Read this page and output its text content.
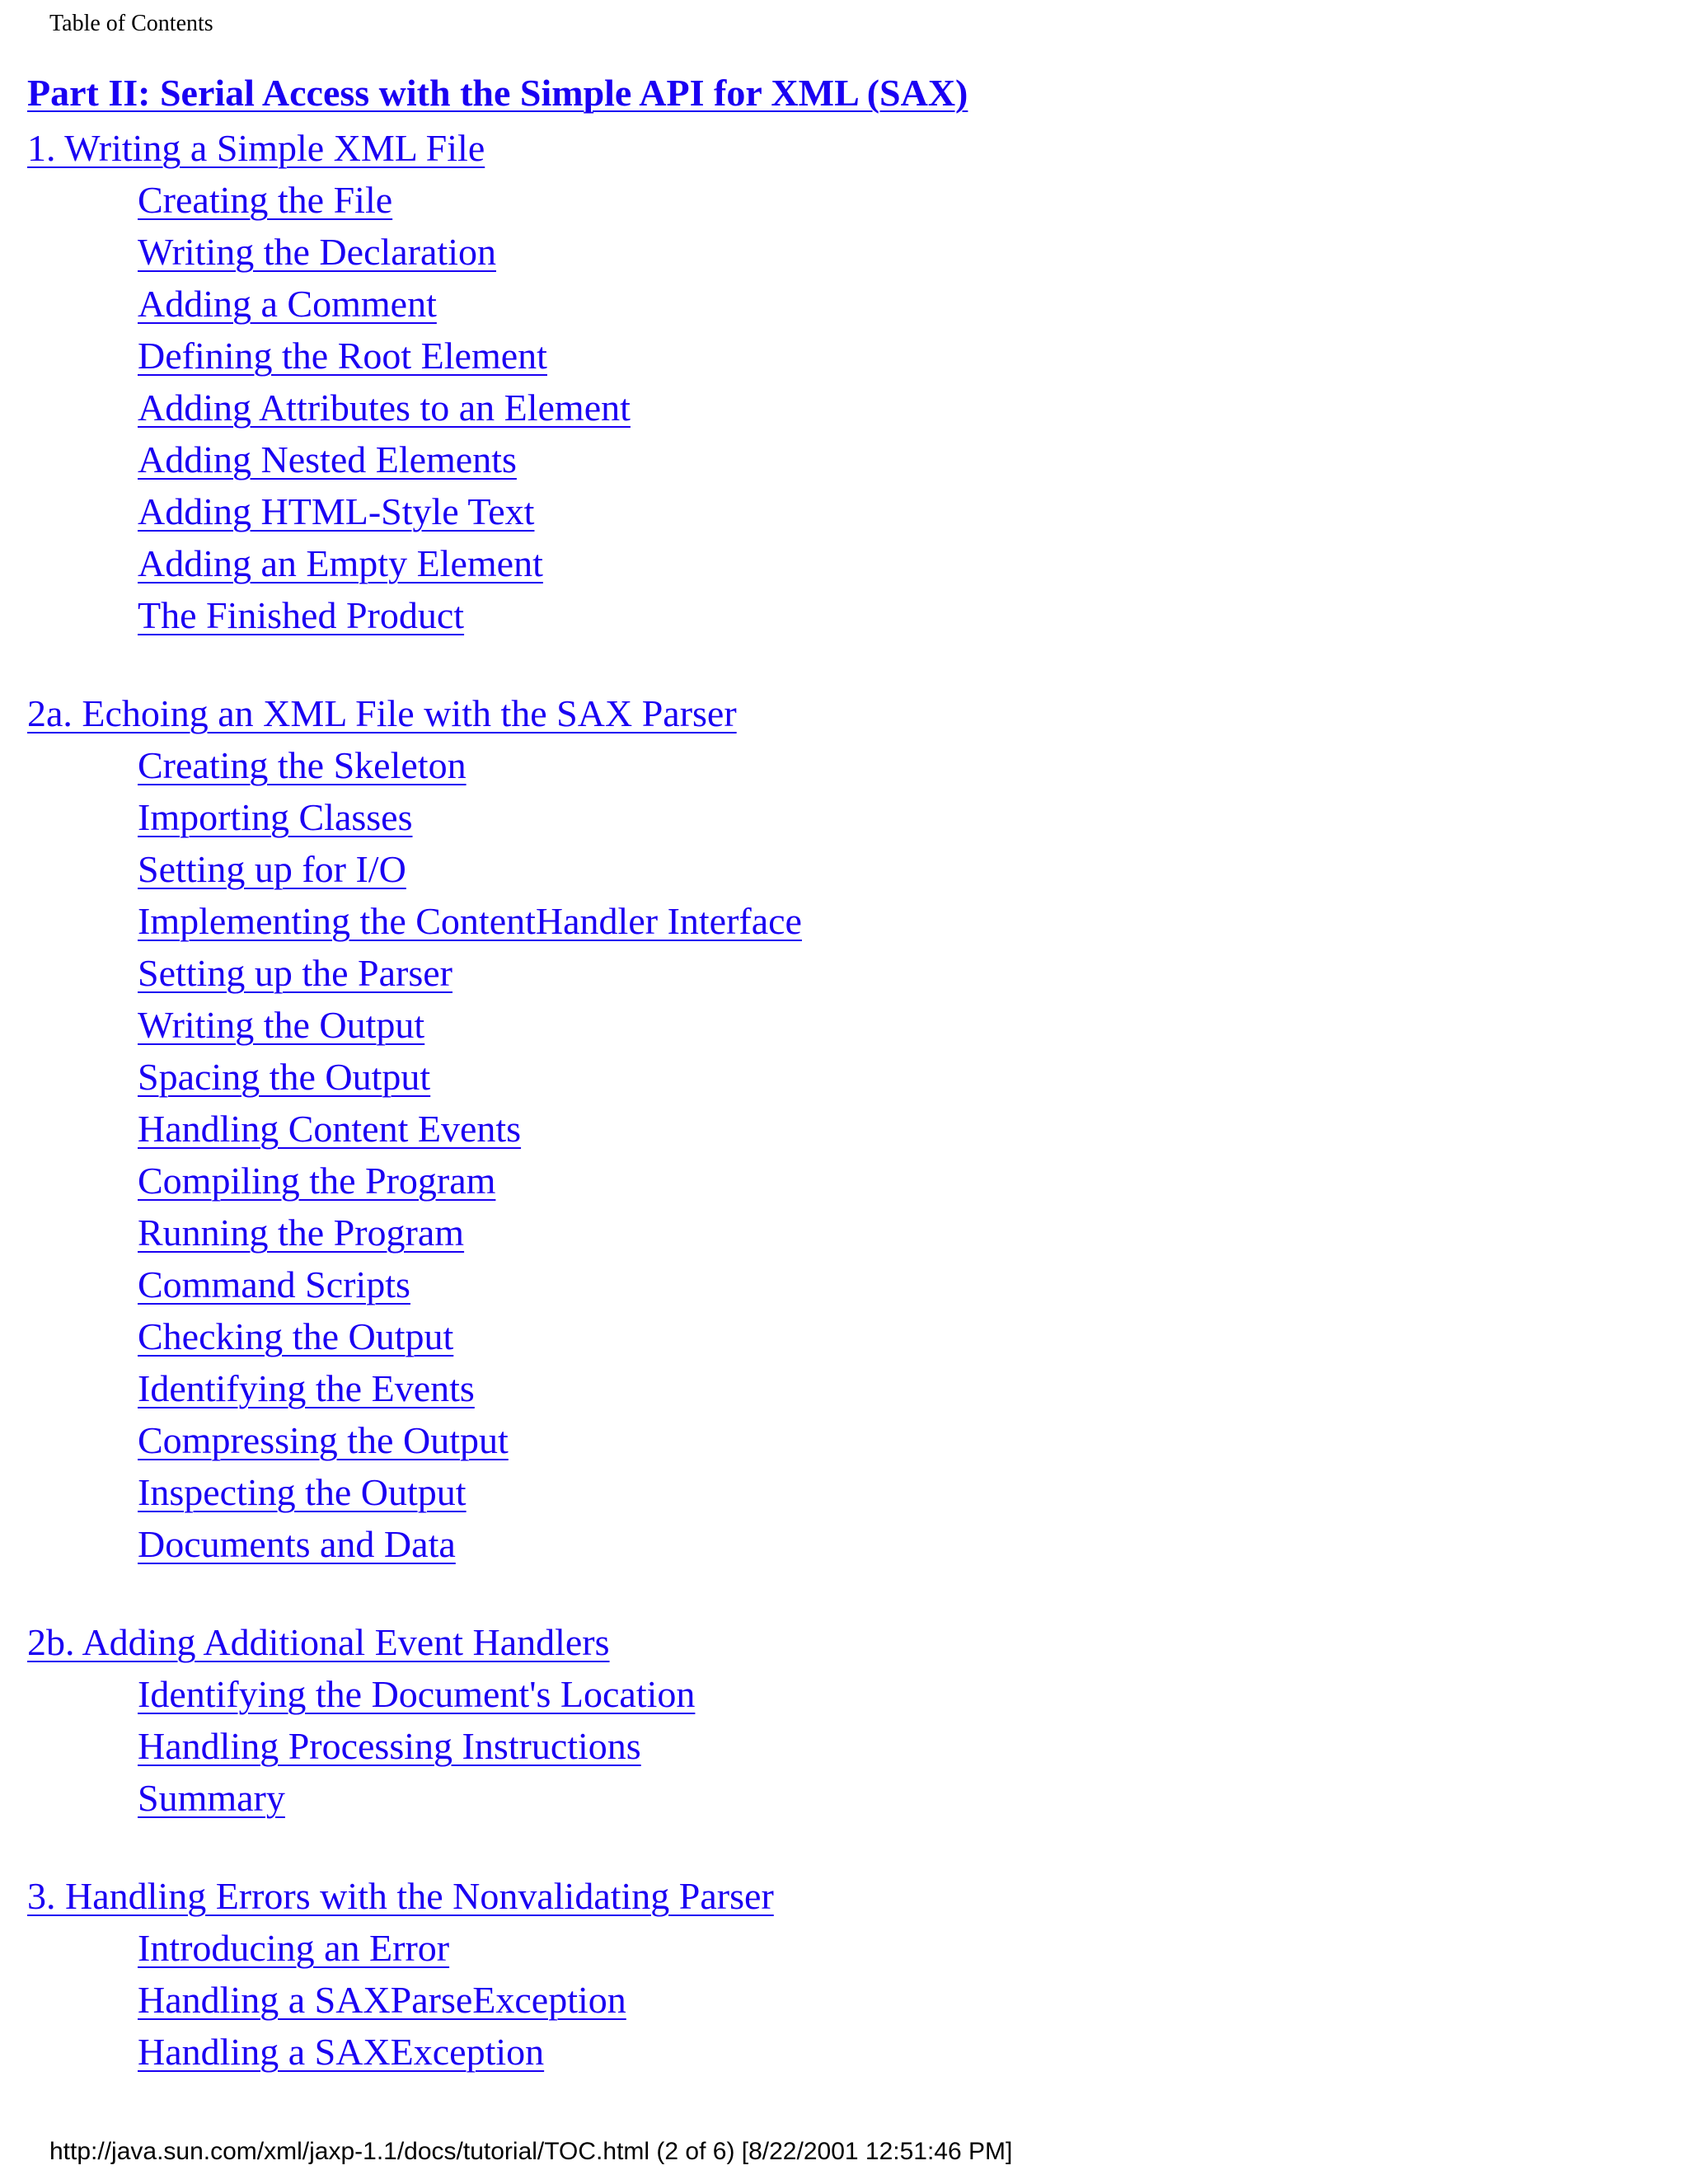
Table of Contents
Part II: Serial Access with the Simple API for XML (SAX)
1. Writing a Simple XML File
Creating the File
Writing the Declaration
Adding a Comment
Defining the Root Element
Adding Attributes to an Element
Adding Nested Elements
Adding HTML-Style Text
Adding an Empty Element
The Finished Product
2a. Echoing an XML File with the SAX Parser
Creating the Skeleton
Importing Classes
Setting up for I/O
Implementing the ContentHandler Interface
Setting up the Parser
Writing the Output
Spacing the Output
Handling Content Events
Compiling the Program
Running the Program
Command Scripts
Checking the Output
Identifying the Events
Compressing the Output
Inspecting the Output
Documents and Data
2b. Adding Additional Event Handlers
Identifying the Document's Location
Handling Processing Instructions
Summary
3. Handling Errors with the Nonvalidating Parser
Introducing an Error
Handling a SAXParseException
Handling a SAXException
http://java.sun.com/xml/jaxp-1.1/docs/tutorial/TOC.html (2 of 6) [8/22/2001 12:51:46 PM]
